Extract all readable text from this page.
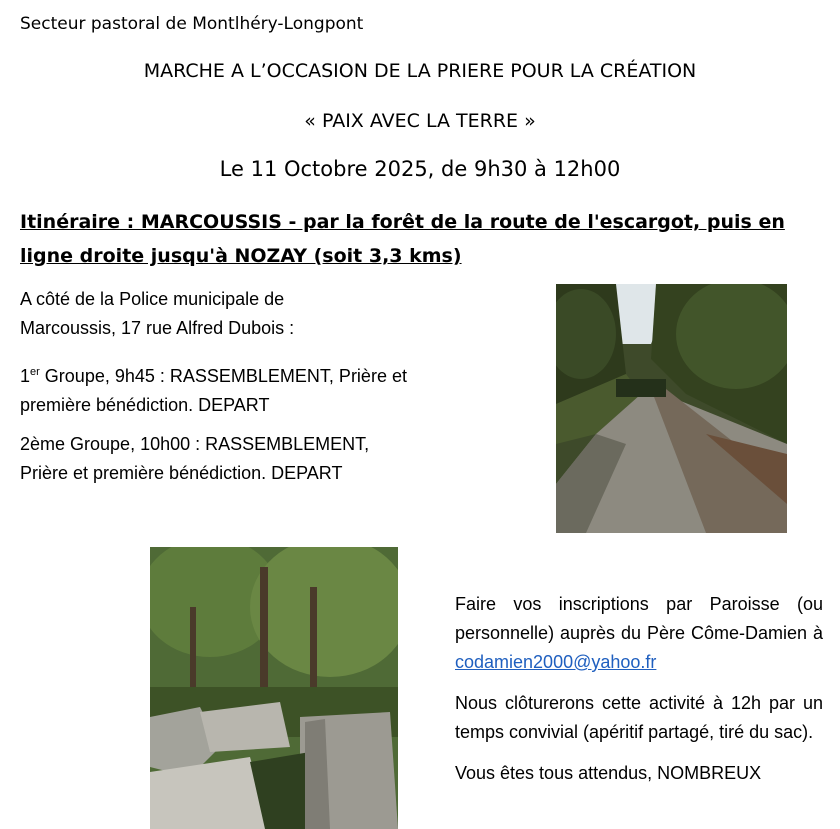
Secteur pastoral de Montlhéry-Longpont
MARCHE A L’OCCASION DE LA PRIERE POUR LA CRÉATION
« PAIX AVEC LA TERRE »
Le 11 Octobre 2025, de 9h30 à 12h00
Itinéraire : MARCOUSSIS - par la forêt de la route de l'escargot, puis en ligne droite jusqu'à NOZAY (soit 3,3 kms)
A côté de la Police municipale de Marcoussis, 17 rue Alfred Dubois :
1er Groupe, 9h45 : RASSEMBLEMENT, Prière et première bénédiction. DEPART
2ème Groupe, 10h00 : RASSEMBLEMENT, Prière et première bénédiction. DEPART

Faire vos inscriptions par Paroisse (ou personnelle) auprès du Père Côme-Damien à codamien2000@yahoo.fr

Nous clôturerons cette activité à 12h par un temps convivial (apéritif partagé, tiré du sac).

Vous êtes tous attendus, NOMBREUX
